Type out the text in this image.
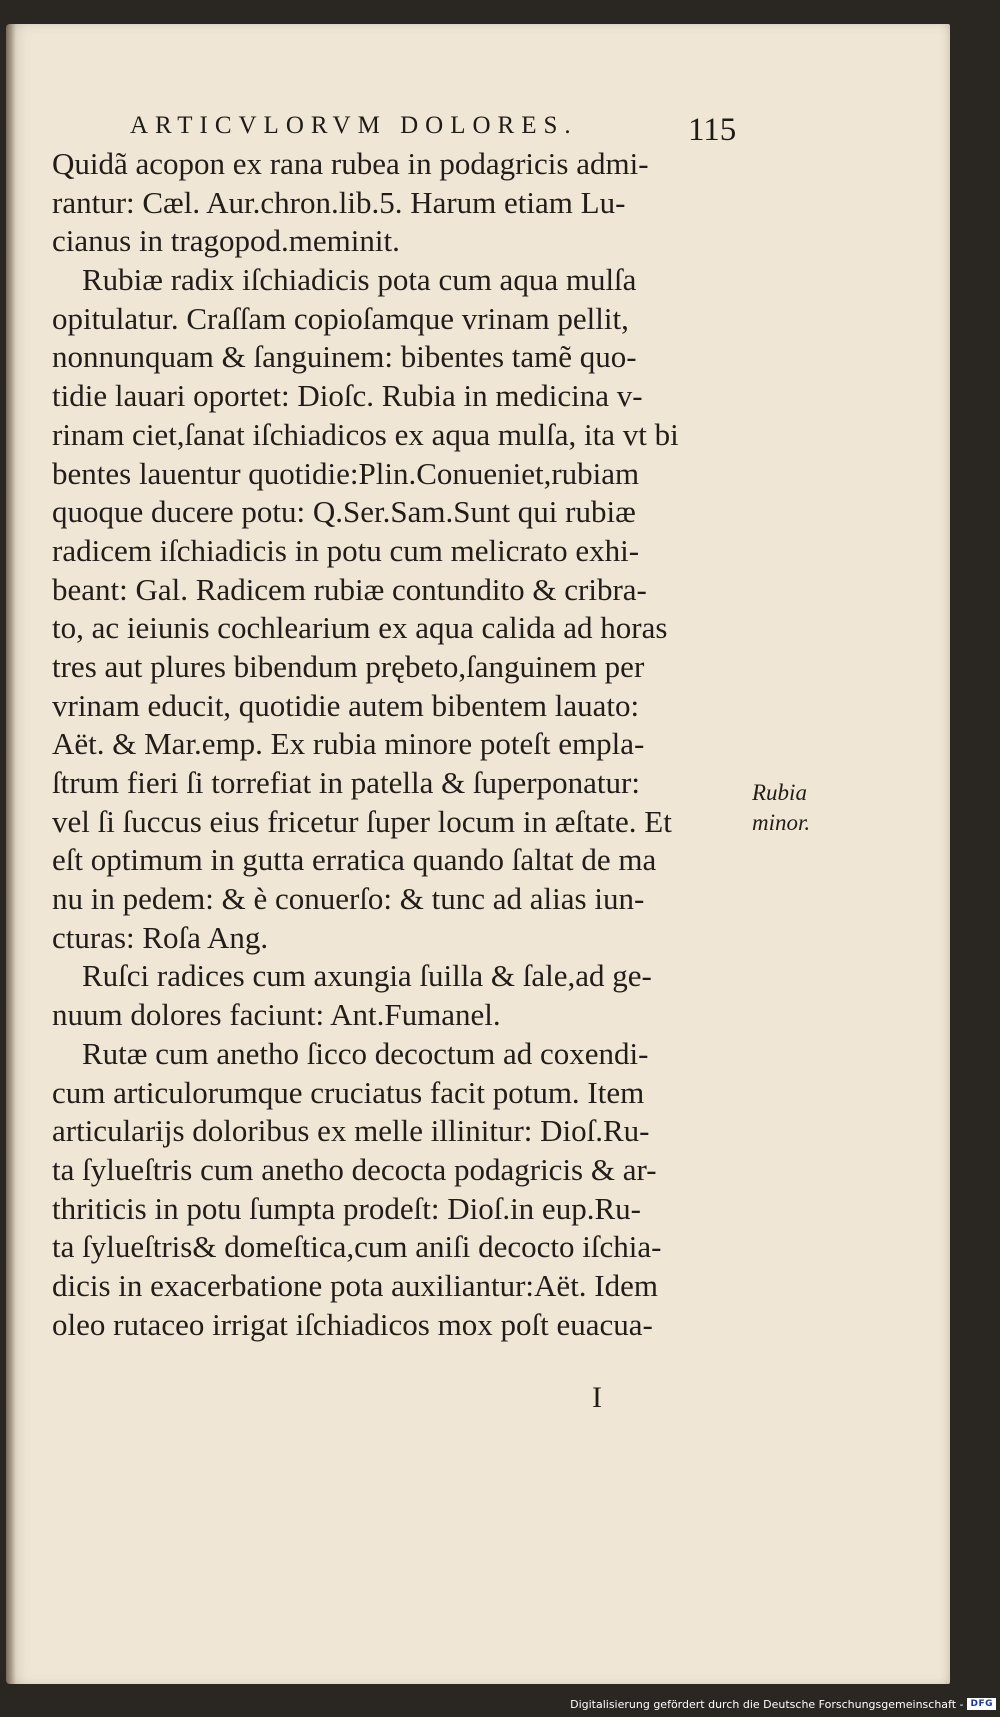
ARTICVLORVM DOLORES.	115
Quidã acopon ex rana rubea in podagricis admi-
rantur: Cæl. Aur.chron.lib.5. Harum etiam Lu-
cianus in tragopod.meminit.
Rubiæ radix iſchiadicis pota cum aqua mulſa
opitulatur. Craſſam copioſamque vrinam pellit,
nonnunquam & ſanguinem: bibentes tamẽ quo-
tidie lauari oportet: Dioſc. Rubia in medicina v-
rinam ciet,ſanat iſchiadicos ex aqua mulſa, ita vt bi
bentes lauentur quotidie:Plin.Conueniet,rubiam
quoque ducere potu: Q.Ser.Sam.Sunt qui rubiæ
radicem iſchiadicis in potu cum melicrato exhi-
beant: Gal. Radicem rubiæ contundito & cribra-
to, ac ieiunis cochlearium ex aqua calida ad horas
tres aut plures bibendum prębeto,ſanguinem per
vrinam educit, quotidie autem bibentem lauato:
Aët. & Mar.emp. Ex rubia minore poteſt empla-
ſtrum fieri ſi torrefiat in patella & ſuperponatur:
vel ſi ſuccus eius fricetur ſuper locum in æſtate. Et
eſt optimum in gutta erratica quando ſaltat de ma
nu in pedem: & è conuerſo: & tunc ad alias iun-
cturas: Roſa Ang.
Ruſci radices cum axungia ſuilla & ſale,ad ge-
nuum dolores faciunt: Ant.Fumanel.
Rutæ cum anetho ſicco decoctum ad coxendi-
cum articulorumque cruciatus facit potum. Item
articularijs doloribus ex melle illinitur: Dioſ.Ru-
ta ſylueſtris cum anetho decocta podagricis & ar-
thriticis in potu ſumpta prodeſt: Dioſ.in eup.Ru-
ta ſylueſtris& domeſtica,cum aniſi decocto iſchia-
dicis in exacerbatione pota auxiliantur:Aët. Idem
oleo rutaceo irrigat iſchiadicos mox poſt euacua-
Rubia
minor.
I
Digitalisierung gefördert durch die Deutsche Forschungsgemeinschaft - DFG
